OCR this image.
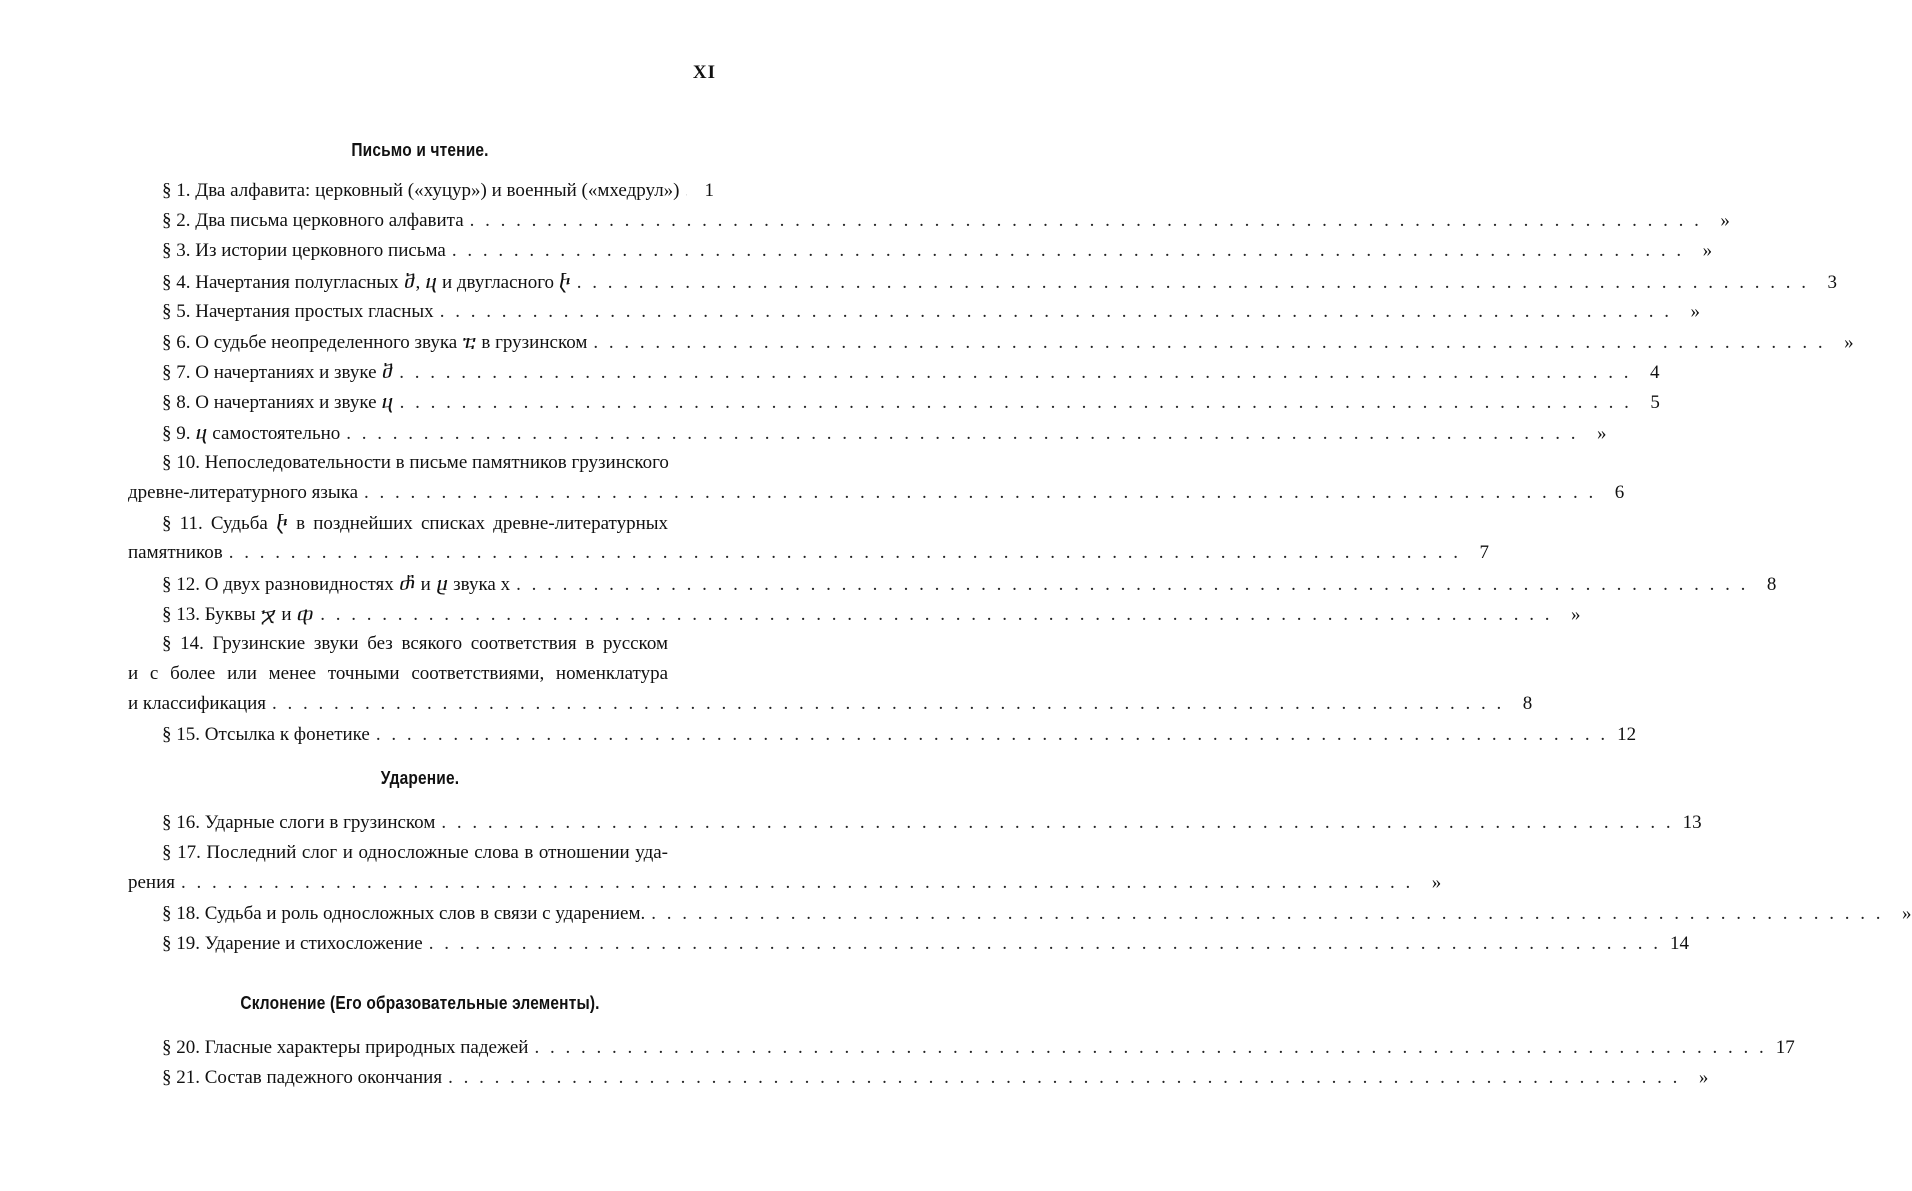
XI
Письмо и чтение.
§ 1. Два алфавита: церковный («хуцур») и военный («мхедрул»)	1
§ 2. Два письма церковного алфавита . . . . . . . . . . . . . . . . . . . . . . . . . . . . . . . . . . . . . . . . . . . . . . . . . . . . . . . . . . . . . . . . . . . . . . . . . . . . . . . . »
§ 3. Из истории церковного письма . . . . . . . . . . . . . . . . . . . . . . . . . . . . . . . . . . . . . . . . . . . . . . . . . . . . . . . . . . . . . . . . . . . . . . . . . . . . . . . . »
§ 4. Начертания полугласных ⴋ, ⴗ и двугласного ⴡ . . . . . . . . . . . . . . . . . . . . . . . . . . . . . . . . . . . . . . . . . . . . . . . . . . . . . . . . . . . . . . . . . . . . . . . . . . . . . . . . 3
§ 5. Начертания простых гласных . . . . . . . . . . . . . . . . . . . . . . . . . . . . . . . . . . . . . . . . . . . . . . . . . . . . . . . . . . . . . . . . . . . . . . . . . . . . . . . . »
§ 6. О судьбе неопределенного звука ⴀ в грузинском . . . . . . . . . . . . . . . . . . . . . . . . . . . . . . . . . . . . . . . . . . . . . . . . . . . . . . . . . . . . . . . . . . . . . . . . . . . . . . . . »
§ 7. О начертаниях и звуке ⴋ . . . . . . . . . . . . . . . . . . . . . . . . . . . . . . . . . . . . . . . . . . . . . . . . . . . . . . . . . . . . . . . . . . . . . . . . . . . . . . . . 4
§ 8. О начертаниях и звуке ⴗ . . . . . . . . . . . . . . . . . . . . . . . . . . . . . . . . . . . . . . . . . . . . . . . . . . . . . . . . . . . . . . . . . . . . . . . . . . . . . . . . 5
§ 9. ⴗ самостоятельно . . . . . . . . . . . . . . . . . . . . . . . . . . . . . . . . . . . . . . . . . . . . . . . . . . . . . . . . . . . . . . . . . . . . . . . . . . . . . . . . »
§ 10. Непоследовательности в письме памятников грузинского
древне-литературного языка . . . . . . . . . . . . . . . . . . . . . . . . . . . . . . . . . . . . . . . . . . . . . . . . . . . . . . . . . . . . . . . . . . . . . . . . . . . . . . . . 6
§ 11. Судьба ⴡ в позднейших списках древне-литературных
памятников . . . . . . . . . . . . . . . . . . . . . . . . . . . . . . . . . . . . . . . . . . . . . . . . . . . . . . . . . . . . . . . . . . . . . . . . . . . . . . . . 7
§ 12. О двух разновидностях ⴥ и ⴞ звука х . . . . . . . . . . . . . . . . . . . . . . . . . . . . . . . . . . . . . . . . . . . . . . . . . . . . . . . . . . . . . . . . . . . . . . . . . . . . . . . . 8
§ 13. Буквы ⴟ и ⴔ . . . . . . . . . . . . . . . . . . . . . . . . . . . . . . . . . . . . . . . . . . . . . . . . . . . . . . . . . . . . . . . . . . . . . . . . . . . . . . . . »
§ 14. Грузинские звуки без всякого соответствия в русском
и с более или менее точными соответствиями, номенклатура
и классификация . . . . . . . . . . . . . . . . . . . . . . . . . . . . . . . . . . . . . . . . . . . . . . . . . . . . . . . . . . . . . . . . . . . . . . . . . . . . . . . . 8
§ 15. Отсылка к фонетике . . . . . . . . . . . . . . . . . . . . . . . . . . . . . . . . . . . . . . . . . . . . . . . . . . . . . . . . . . . . . . . . . . . . . . . . . . . . . . . . 12
Ударение.
§ 16. Ударные слоги в грузинском . . . . . . . . . . . . . . . . . . . . . . . . . . . . . . . . . . . . . . . . . . . . . . . . . . . . . . . . . . . . . . . . . . . . . . . . . . . . . . . . 13
§ 17. Последний слог и односложные слова в отношении уда-
рения . . . . . . . . . . . . . . . . . . . . . . . . . . . . . . . . . . . . . . . . . . . . . . . . . . . . . . . . . . . . . . . . . . . . . . . . . . . . . . . . »
§ 18. Судьба и роль односложных слов в связи с ударением. . . . . . . . . . . . . . . . . . . . . . . . . . . . . . . . . . . . . . . . . . . . . . . . . . . . . . . . . . . . . . . . . . . . . . . . . . . . . . . . . »
§ 19. Ударение и стихосложение . . . . . . . . . . . . . . . . . . . . . . . . . . . . . . . . . . . . . . . . . . . . . . . . . . . . . . . . . . . . . . . . . . . . . . . . . . . . . . . . 14
Склонение (Его образовательные элементы).
§ 20. Гласные характеры природных падежей . . . . . . . . . . . . . . . . . . . . . . . . . . . . . . . . . . . . . . . . . . . . . . . . . . . . . . . . . . . . . . . . . . . . . . . . . . . . . . . . 17
§ 21. Состав падежного окончания . . . . . . . . . . . . . . . . . . . . . . . . . . . . . . . . . . . . . . . . . . . . . . . . . . . . . . . . . . . . . . . . . . . . . . . . . . . . . . . . »
